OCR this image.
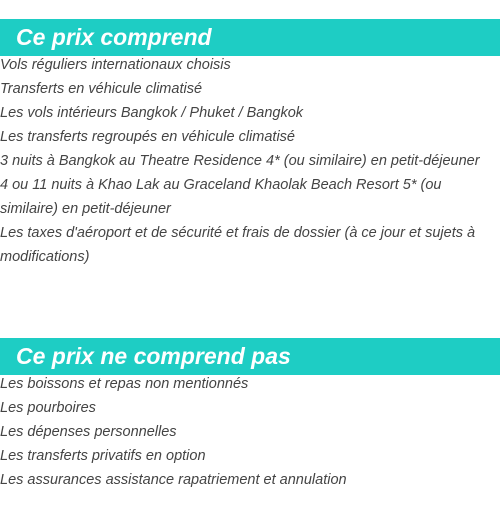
Ce prix comprend
Vols réguliers internationaux choisis
Transferts en véhicule climatisé
Les vols intérieurs Bangkok / Phuket / Bangkok
Les transferts regroupés en véhicule climatisé
3 nuits à Bangkok au Theatre Residence 4* (ou similaire) en petit-déjeuner
4 ou 11 nuits à Khao Lak au Graceland Khaolak Beach Resort 5* (ou similaire) en petit-déjeuner
Les taxes d'aéroport et de sécurité et frais de dossier (à ce jour et sujets à modifications)
Ce prix ne comprend pas
Les boissons et repas non mentionnés
Les pourboires
Les dépenses personnelles
Les transferts privatifs en option
Les assurances assistance rapatriement et annulation
